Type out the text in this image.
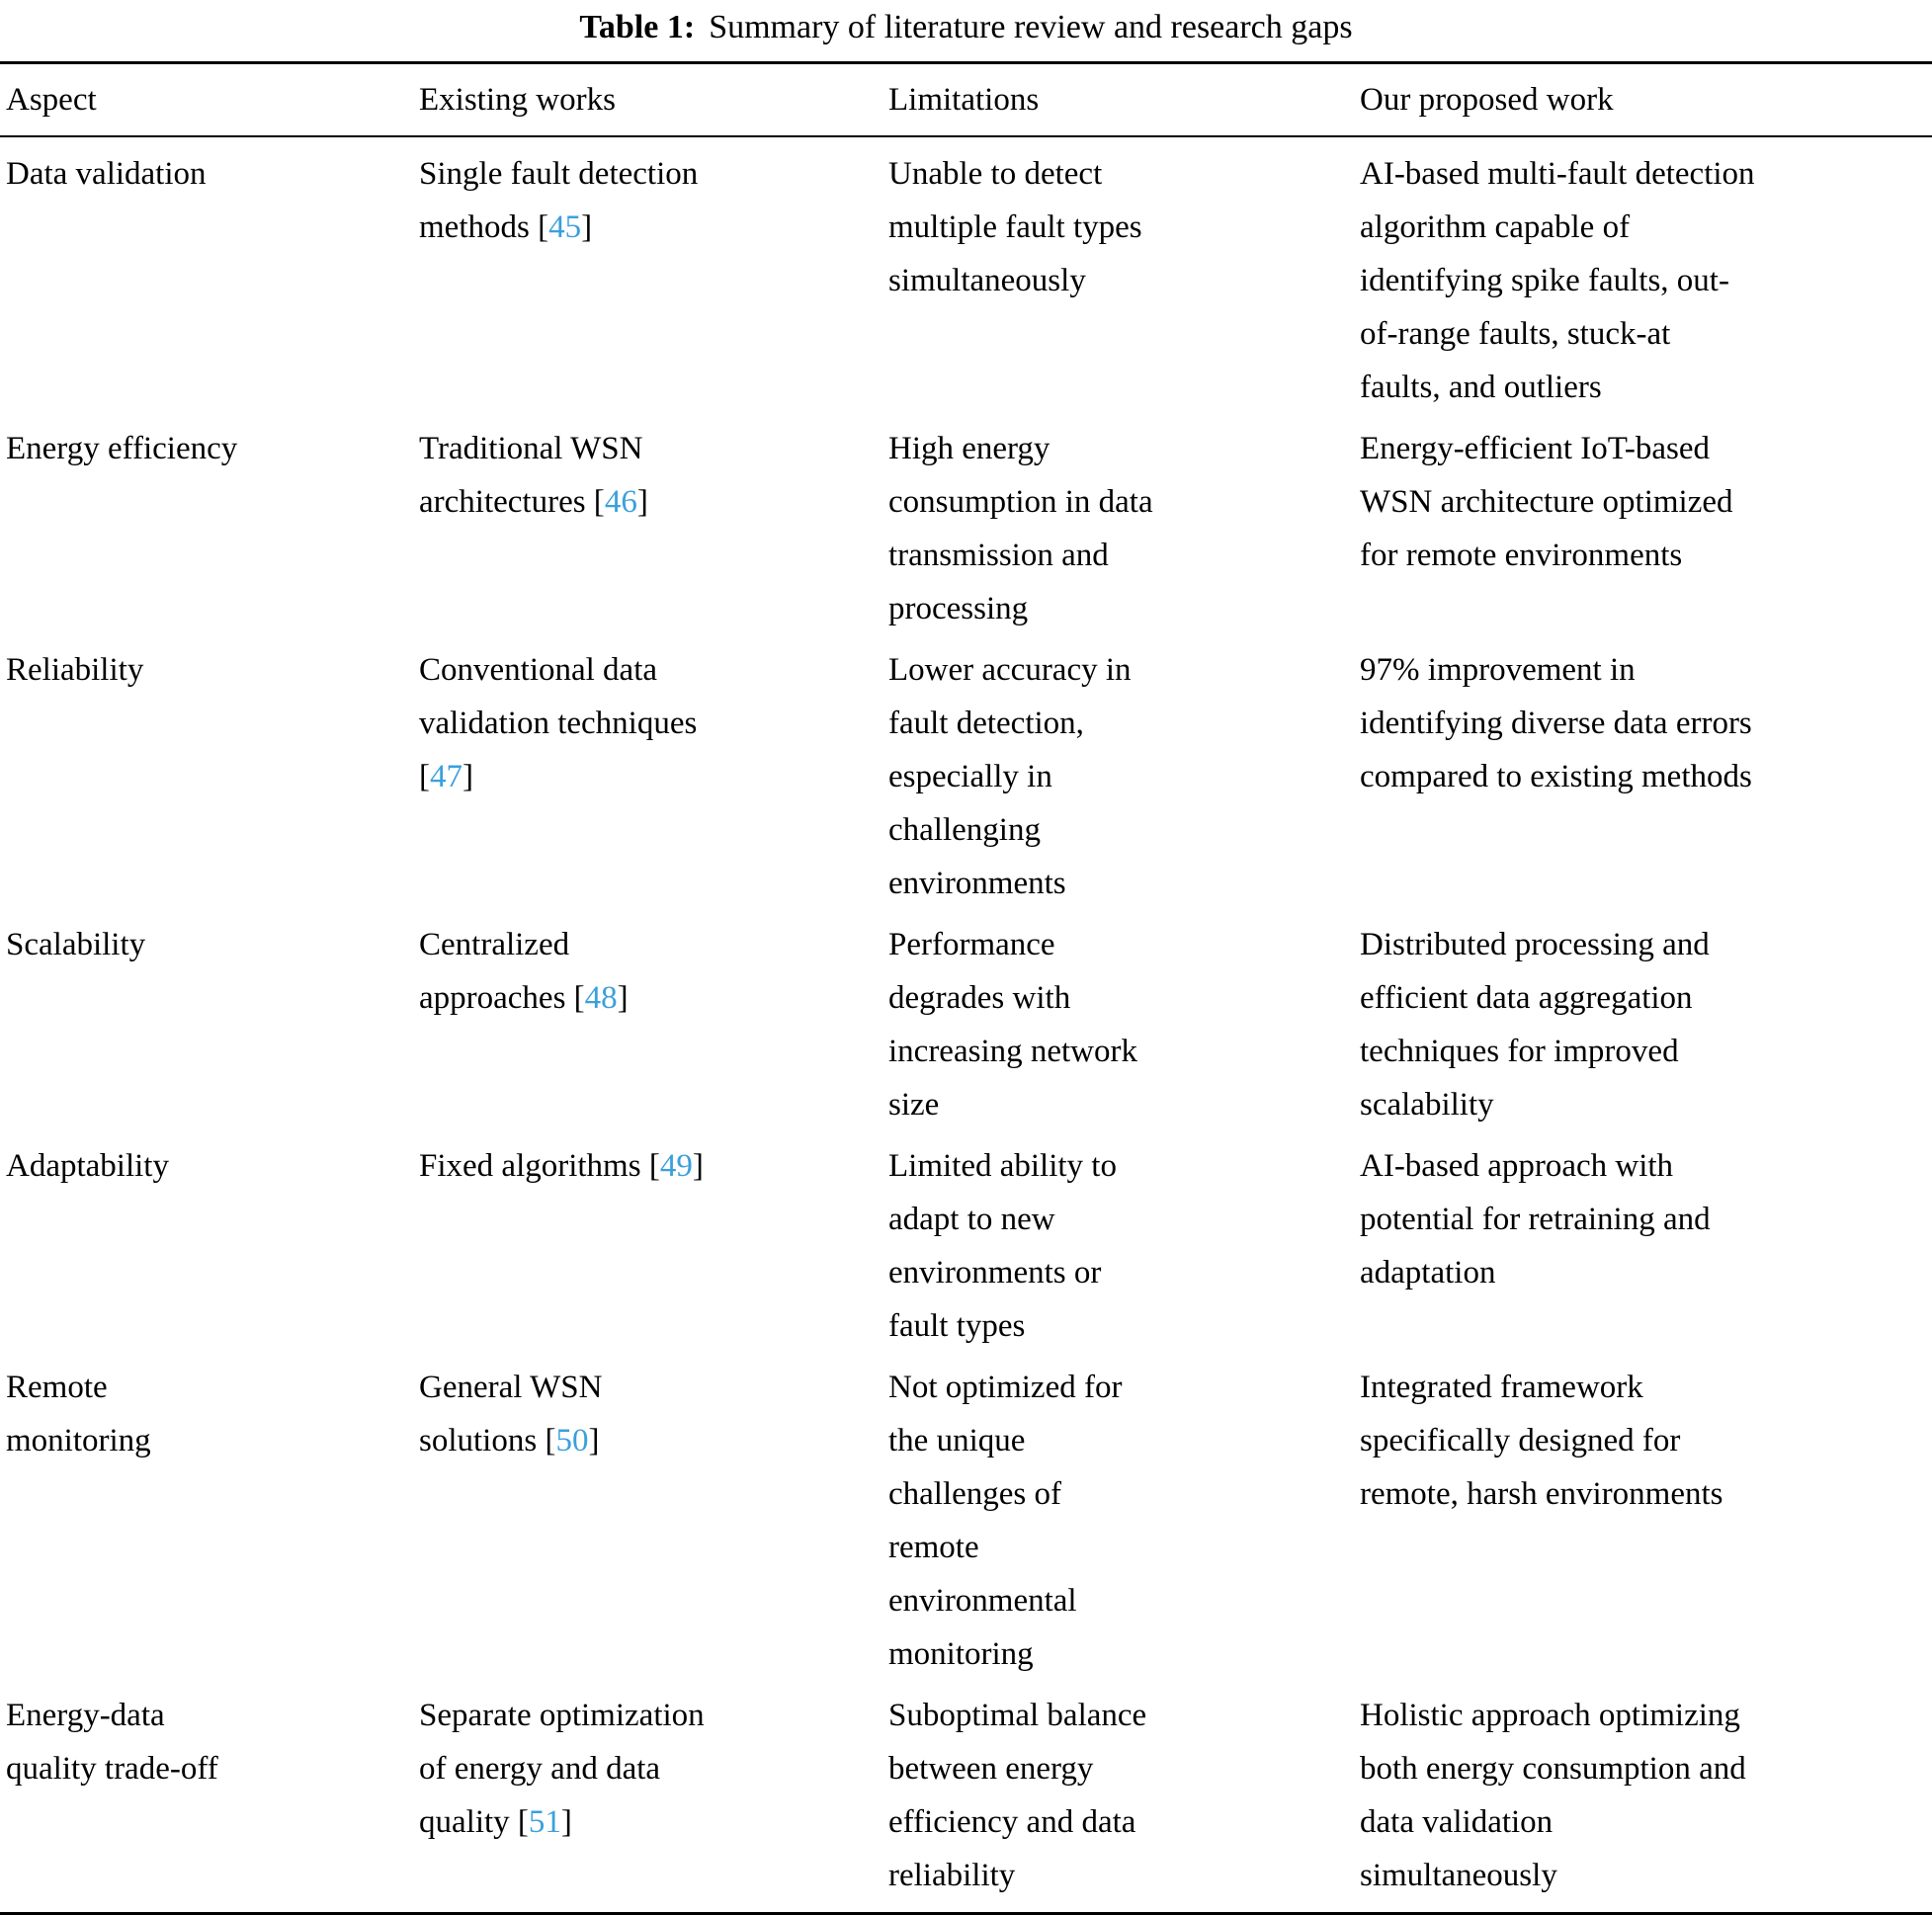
Table 1: Summary of literature review and research gaps
Aspect	Existing works	Limitations	Our proposed work
Data validation	Single fault detection methods [45]	Unable to detect multiple fault types simultaneously	AI-based multi-fault detection algorithm capable of identifying spike faults, out-of-range faults, stuck-at faults, and outliers
Energy efficiency	Traditional WSN architectures [46]	High energy consumption in data transmission and processing	Energy-efficient IoT-based WSN architecture optimized for remote environments
Reliability	Conventional data validation techniques [47]	Lower accuracy in fault detection, especially in challenging environments	97% improvement in identifying diverse data errors compared to existing methods
Scalability	Centralized approaches [48]	Performance degrades with increasing network size	Distributed processing and efficient data aggregation techniques for improved scalability
Adaptability	Fixed algorithms [49]	Limited ability to adapt to new environments or fault types	AI-based approach with potential for retraining and adaptation
Remote monitoring	General WSN solutions [50]	Not optimized for the unique challenges of remote environmental monitoring	Integrated framework specifically designed for remote, harsh environments
Energy-data quality trade-off	Separate optimization of energy and data quality [51]	Suboptimal balance between energy efficiency and data reliability	Holistic approach optimizing both energy consumption and data validation simultaneously
